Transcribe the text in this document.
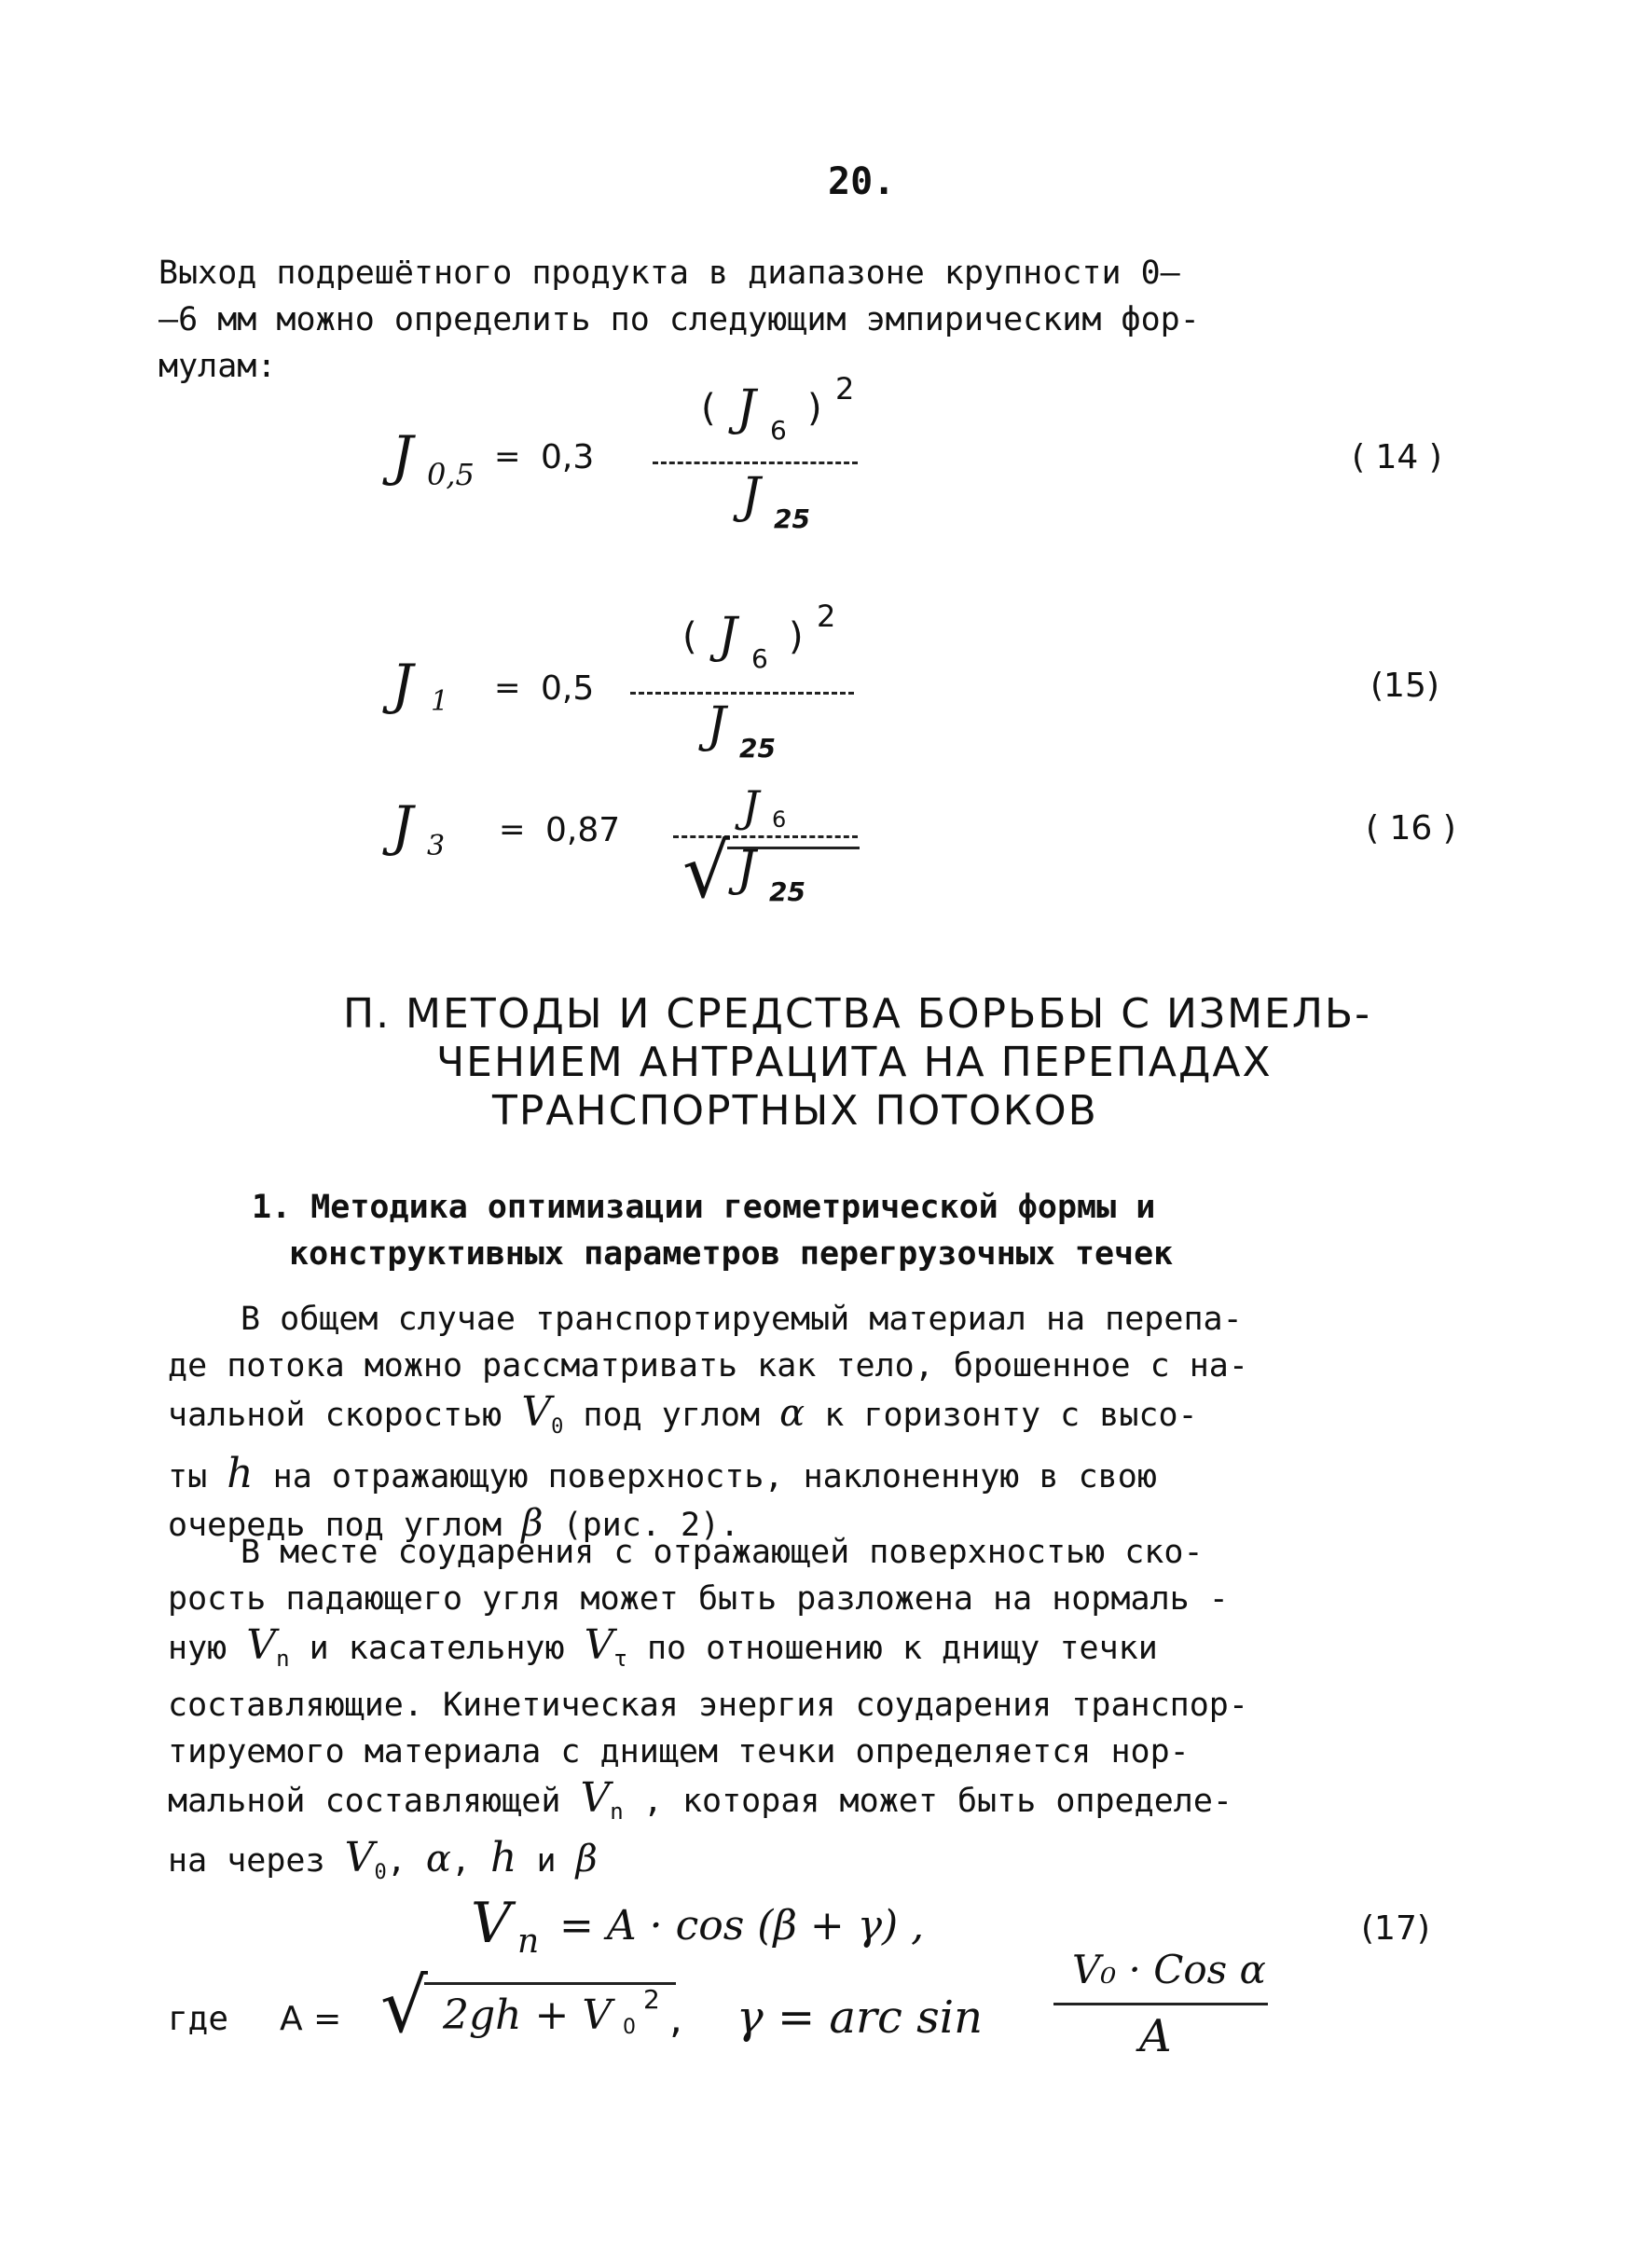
20.
Выход подрешётного продукта в диапазоне крупности 0–
–6 мм можно определить по следующим эмпирическим фор-
мулам:
J 0,5 = 0,3
( J 6
) 2
J 25
( 14 )
J 1 = 0,5
( J 6
) 2
J 25
(15)
J 3 = 0,87	J 6
√ J 25
( 16 )
П. МЕТОДЫ И СРЕДСТВА БОРЬБЫ С ИЗМЕЛЬ-
ЧЕНИЕМ АНТРАЦИТА НА ПЕРЕПАДАХ
ТРАНСПОРТНЫХ ПОТОКОВ
1. Методика оптимизации геометрической формы и
конструктивных параметров перегрузочных течек
В общем случае транспортируемый материал на перепа-
де потока можно рассматривать как тело, брошенное с на-
чальной скоростью $V_0$ под углом α к горизонту с высо-
ты h на отражающую поверхность, наклоненную в свою
очередь под углом β (рис. 2).
В месте соударения с отражающей поверхностью ско-
рость падающего угля может быть разложена на нормаль -
ную $V_n$ и касательную $V_\tau$ по отношению к днищу течки
составляющие. Кинетическая энергия соударения транспор-
тируемого материала с днищем течки определяется нор-
мальной составляющей $V_n$ , которая может быть определе-
на через $V_0$, α, h и β
V n = A · cos (β + γ) ,	(17)
где A = √ 2gh + V 0
2 , γ = arc sin
V₀ · Cos α
A
